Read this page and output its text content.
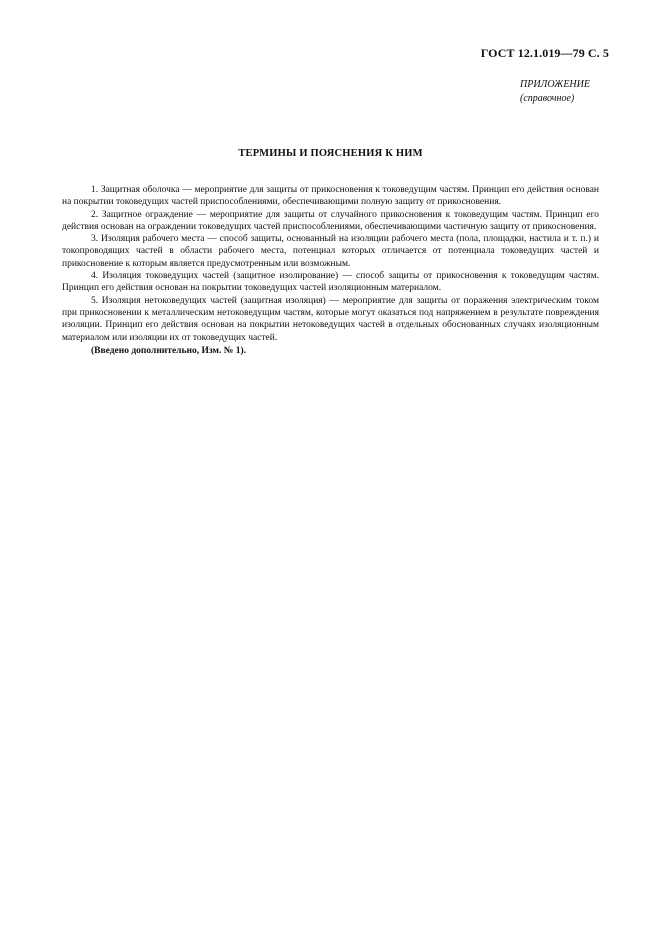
ГОСТ 12.1.019—79 С. 5
ПРИЛОЖЕНИЕ
(справочное)
ТЕРМИНЫ И ПОЯСНЕНИЯ К НИМ

1. Защитная оболочка — мероприятие для защиты от прикосновения к токоведущим частям. Принцип его действия основан на покрытии токоведущих частей приспособлениями, обеспечивающими полную защиту от прикосновения.

2. Защитное ограждение — мероприятие для защиты от случайного прикосновения к токоведущим частям. Принцип его действия основан на ограждении токоведущих частей приспособлениями, обеспечивающими частичную защиту от прикосновения.

3. Изоляция рабочего места — способ защиты, основанный на изоляции рабочего места (пола, площадки, настила и т. п.) и токопроводящих частей в области рабочего места, потенциал которых отличается от потенциала токоведущих частей и прикосновение к которым является предусмотренным или возможным.

4. Изоляция токоведущих частей (защитное изолирование) — способ защиты от прикосновения к токоведущим частям. Принцип его действия основан на покрытии токоведущих частей изоляционным материалом.

5. Изоляция нетоковедущих частей (защитная изоляция) — мероприятие для защиты от поражения электрическим током при прикосновении к металлическим нетоковедущим частям, которые могут оказаться под напряжением в результате повреждения изоляции. Принцип его действия основан на покрытии нетоковедущих частей в отдельных обоснованных случаях изоляционным материалом или изоляции их от токоведущих частей.

(Введено дополнительно, Изм. № 1).
